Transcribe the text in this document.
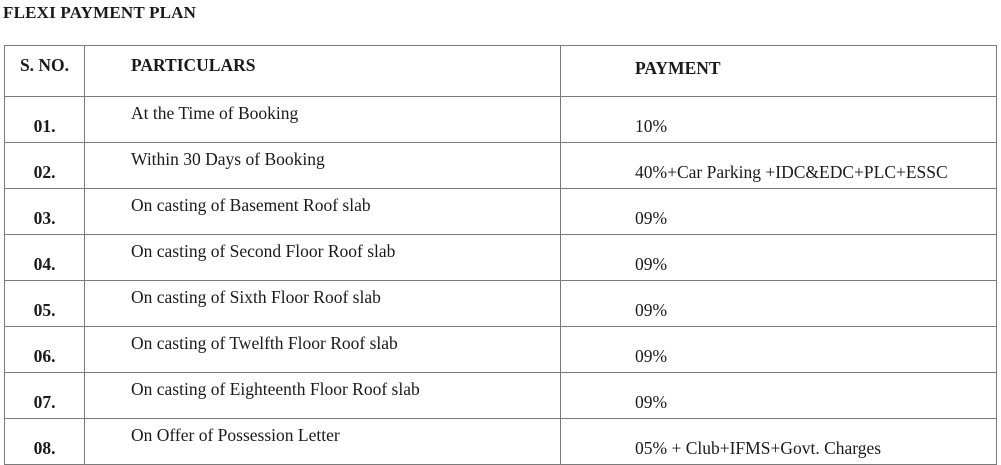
FLEXI PAYMENT PLAN
S. NO.	PARTICULARS	PAYMENT
01.	At the Time of Booking	10%
02.	Within 30 Days of Booking	40%+Car Parking +IDC&EDC+PLC+ESSC
03.	On casting of Basement Roof slab	09%
04.	On casting of Second Floor Roof slab	09%
05.	On casting of Sixth Floor Roof slab	09%
06.	On casting of Twelfth Floor Roof slab	09%
07.	On casting of Eighteenth Floor Roof slab	09%
08.	On Offer of Possession Letter	05% + Club+IFMS+Govt. Charges
